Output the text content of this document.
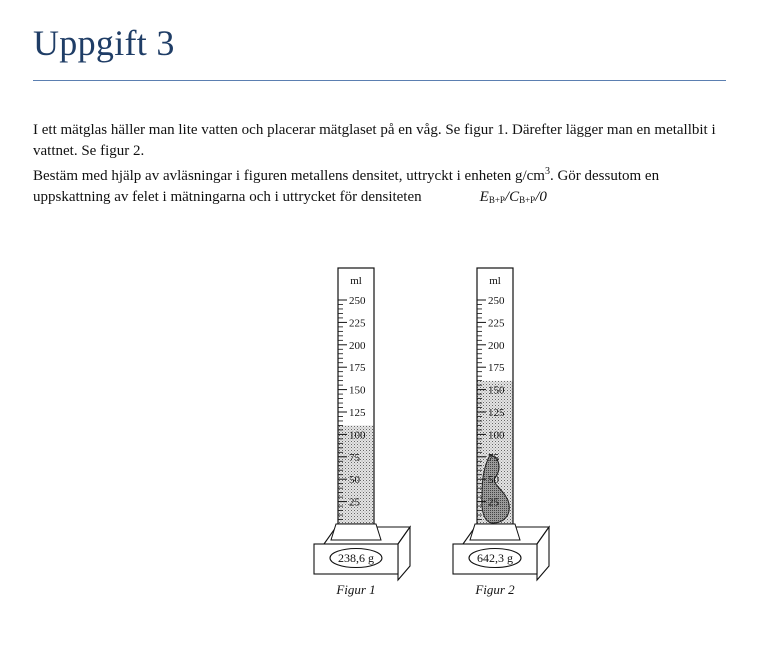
Uppgift 3

I ett mätglas häller man lite vatten och placerar mätglaset på en våg. Se figur 1. Därefter lägger man en metallbit i vattnet. Se figur 2.

Bestäm med hjälp av avläsningar i figuren metallens densitet, uttryckt i enheten $g/cm^3$. Gör dessutom en uppskattning av felet i mätningarna och i uttrycket för densiteten	$E_{B+P}/C_{B+P}/0$

ml
250
225
200
175
150
125
100
75
50
25
238,6 g
Figur 1
ml
250
225
200
175
150
125
100
75
50
25
642,3 g
Figur 2
